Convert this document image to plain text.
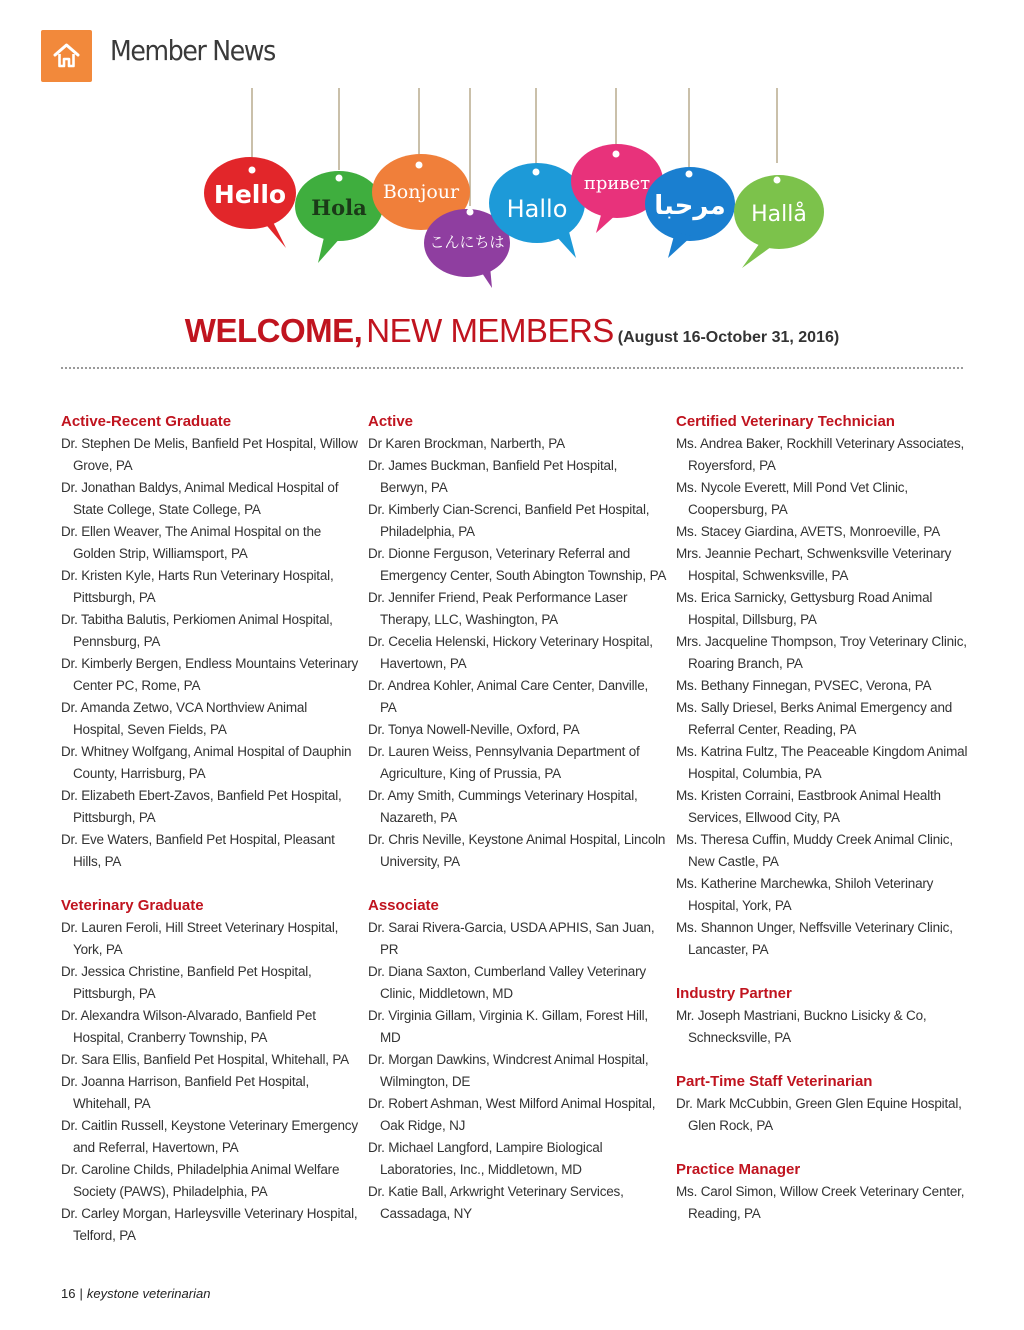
Member News
Hello Hola
Bonjour
こんにちは
Hallo
привет
مرحبا Hallå
WELCOME, NEW MEMBERS (August 16-October 31, 2016)
Active-Recent Graduate
Dr. Stephen De Melis, Banfield Pet Hospital, Willow Grove, PA
Dr. Jonathan Baldys, Animal Medical Hospital of State College, State College, PA
Dr. Ellen Weaver, The Animal Hospital on the Golden Strip, Williamsport, PA
Dr. Kristen Kyle, Harts Run Veterinary Hospital, Pittsburgh, PA
Dr. Tabitha Balutis, Perkiomen Animal Hospital, Pennsburg, PA
Dr. Kimberly Bergen, Endless Mountains Veterinary Center PC, Rome, PA
Dr. Amanda Zetwo, VCA Northview Animal Hospital, Seven Fields, PA
Dr. Whitney Wolfgang, Animal Hospital of Dauphin County, Harrisburg, PA
Dr. Elizabeth Ebert-Zavos, Banfield Pet Hospital, Pittsburgh, PA
Dr. Eve Waters, Banfield Pet Hospital, Pleasant Hills, PA
Veterinary Graduate
Dr. Lauren Feroli, Hill Street Veterinary Hospital, York, PA
Dr. Jessica Christine, Banfield Pet Hospital, Pittsburgh, PA
Dr. Alexandra Wilson-Alvarado, Banfield Pet Hospital, Cranberry Township, PA
Dr. Sara Ellis, Banfield Pet Hospital, Whitehall, PA
Dr. Joanna Harrison, Banfield Pet Hospital, Whitehall, PA
Dr. Caitlin Russell, Keystone Veterinary Emergency and Referral, Havertown, PA
Dr. Caroline Childs, Philadelphia Animal Welfare Society (PAWS), Philadelphia, PA
Dr. Carley Morgan, Harleysville Veterinary Hospital, Telford, PA
Active
Dr Karen Brockman, Narberth, PA
Dr. James Buckman, Banfield Pet Hospital, Berwyn, PA
Dr. Kimberly Cian-Screnci, Banfield Pet Hospital, Philadelphia, PA
Dr. Dionne Ferguson, Veterinary Referral and Emergency Center, South Abington Township, PA
Dr. Jennifer Friend, Peak Performance Laser Therapy, LLC, Washington, PA
Dr. Cecelia Helenski, Hickory Veterinary Hospital, Havertown, PA
Dr. Andrea Kohler, Animal Care Center, Danville, PA
Dr. Tonya Nowell-Neville, Oxford, PA
Dr. Lauren Weiss, Pennsylvania Department of Agriculture, King of Prussia, PA
Dr. Amy Smith, Cummings Veterinary Hospital, Nazareth, PA
Dr. Chris Neville, Keystone Animal Hospital, Lincoln University, PA
Associate
Dr. Sarai Rivera-Garcia, USDA APHIS, San Juan, PR
Dr. Diana Saxton, Cumberland Valley Veterinary Clinic, Middletown, MD
Dr. Virginia Gillam, Virginia K. Gillam, Forest Hill, MD
Dr. Morgan Dawkins, Windcrest Animal Hospital, Wilmington, DE
Dr. Robert Ashman, West Milford Animal Hospital, Oak Ridge, NJ
Dr. Michael Langford, Lampire Biological Laboratories, Inc., Middletown, MD
Dr. Katie Ball, Arkwright Veterinary Services, Cassadaga, NY
Certified Veterinary Technician
Ms. Andrea Baker, Rockhill Veterinary Associates, Royersford, PA
Ms. Nycole Everett, Mill Pond Vet Clinic, Coopersburg, PA
Ms. Stacey Giardina, AVETS, Monroeville, PA
Mrs. Jeannie Pechart, Schwenksville Veterinary Hospital, Schwenksville, PA
Ms. Erica Sarnicky, Gettysburg Road Animal Hospital, Dillsburg, PA
Mrs. Jacqueline Thompson, Troy Veterinary Clinic, Roaring Branch, PA
Ms. Bethany Finnegan, PVSEC, Verona, PA
Ms. Sally Driesel, Berks Animal Emergency and Referral Center, Reading, PA
Ms. Katrina Fultz, The Peaceable Kingdom Animal Hospital, Columbia, PA
Ms. Kristen Corraini, Eastbrook Animal Health Services, Ellwood City, PA
Ms. Theresa Cuffin, Muddy Creek Animal Clinic, New Castle, PA
Ms. Katherine Marchewka, Shiloh Veterinary Hospital, York, PA
Ms. Shannon Unger, Neffsville Veterinary Clinic, Lancaster, PA
Industry Partner
Mr. Joseph Mastriani, Buckno Lisicky & Co, Schnecksville, PA
Part-Time Staff Veterinarian
Dr. Mark McCubbin, Green Glen Equine Hospital, Glen Rock, PA
Practice Manager
Ms. Carol Simon, Willow Creek Veterinary Center, Reading, PA
16 | keystone veterinarian
